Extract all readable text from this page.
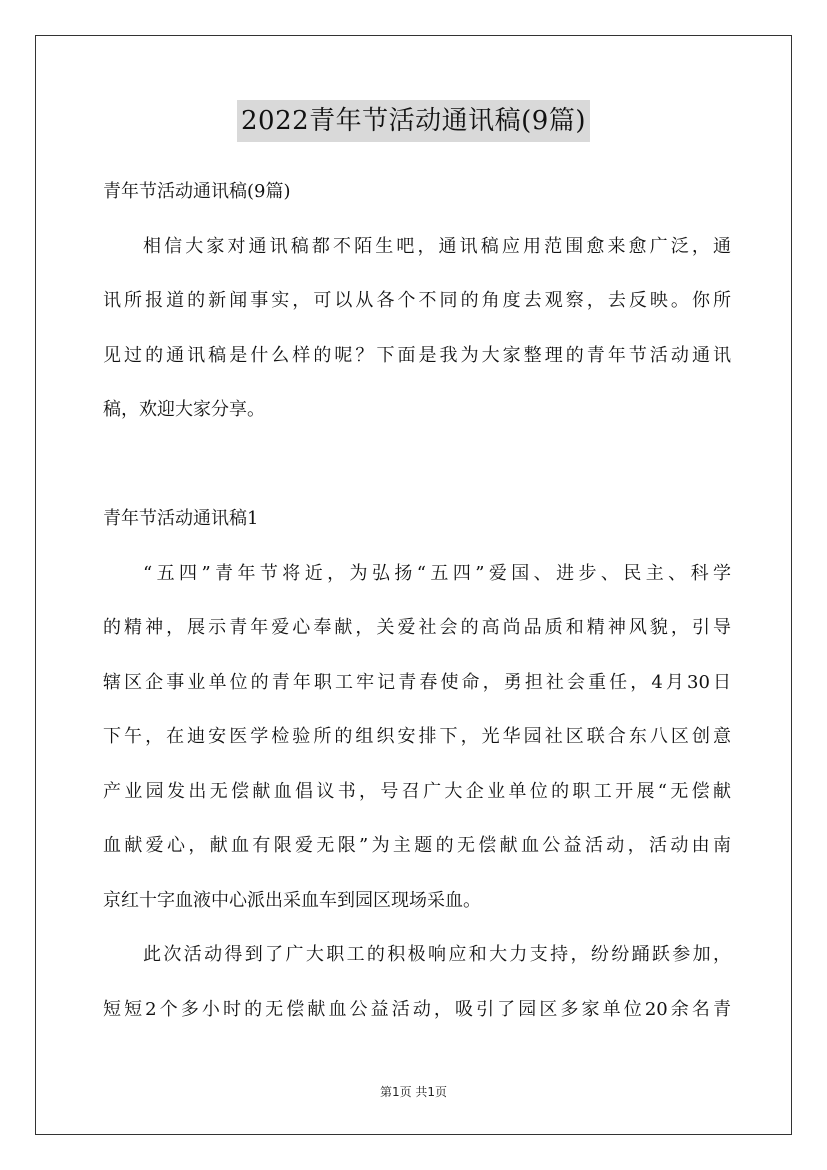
2022青年节活动通讯稿(9篇)
青年节活动通讯稿(9篇)
相信大家对通讯稿都不陌生吧，通讯稿应用范围愈来愈广泛，通
讯所报道的新闻事实，可以从各个不同的角度去观察，去反映。你所
见过的通讯稿是什么样的呢？下面是我为大家整理的青年节活动通讯
稿，欢迎大家分享。
青年节活动通讯稿1
“五四”青年节将近，为弘扬“五四”爱国、进步、民主、科学
的精神，展示青年爱心奉献，关爱社会的高尚品质和精神风貌，引导
辖区企事业单位的青年职工牢记青春使命，勇担社会重任，4月30日
下午，在迪安医学检验所的组织安排下，光华园社区联合东八区创意
产业园发出无偿献血倡议书，号召广大企业单位的职工开展“无偿献
血献爱心，献血有限爱无限”为主题的无偿献血公益活动，活动由南
京红十字血液中心派出采血车到园区现场采血。
此次活动得到了广大职工的积极响应和大力支持，纷纷踊跃参加，
短短2个多小时的无偿献血公益活动，吸引了园区多家单位20余名青
第1页 共1页
